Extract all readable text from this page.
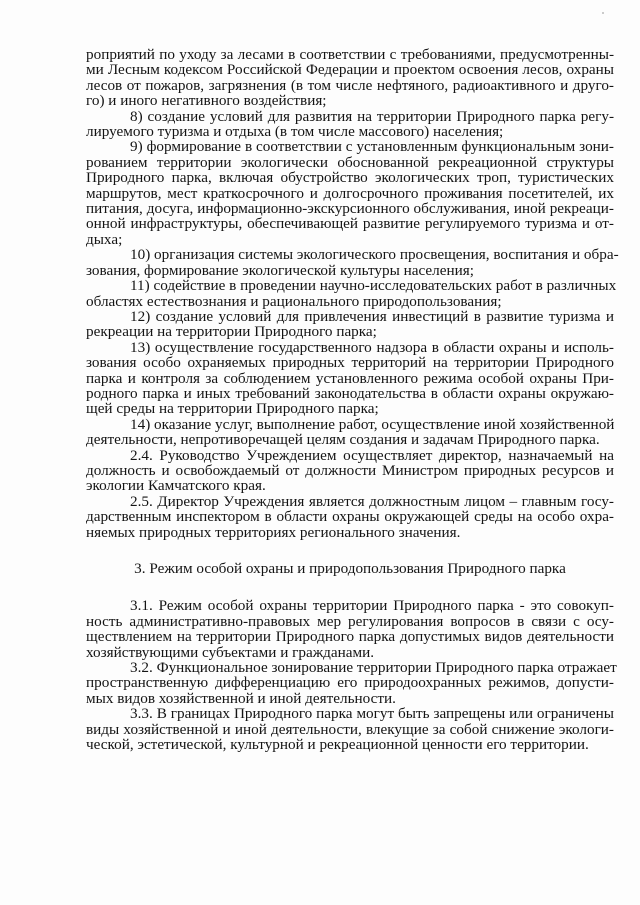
роприятий по уходу за лесами в соответствии с требованиями, предусмотренны-
ми Лесным кодексом Российской Федерации и проектом освоения лесов, охраны
лесов от пожаров, загрязнения (в том числе нефтяного, радиоактивного и друго-
го) и иного негативного воздействия;
8) создание условий для развития на территории Природного парка регу-
лируемого туризма и отдыха (в том числе массового) населения;
9) формирование в соответствии с установленным функциональным зони-
рованием территории экологически обоснованной рекреационной структуры
Природного парка, включая обустройство экологических троп, туристических
маршрутов, мест краткосрочного и долгосрочного проживания посетителей, их
питания, досуга, информационно-экскурсионного обслуживания, иной рекреаци-
онной инфраструктуры, обеспечивающей развитие регулируемого туризма и от-
дыха;
10) организация системы экологического просвещения, воспитания и обра-
зования, формирование экологической культуры населения;
11) содействие в проведении научно-исследовательских работ в различных
областях естествознания и рационального природопользования;
12) создание условий для привлечения инвестиций в развитие туризма и
рекреации на территории Природного парка;
13) осуществление государственного надзора в области охраны и исполь-
зования особо охраняемых природных территорий на территории Природного
парка и контроля за соблюдением установленного режима особой охраны При-
родного парка и иных требований законодательства в области охраны окружаю-
щей среды на территории Природного парка;
14) оказание услуг, выполнение работ, осуществление иной хозяйственной
деятельности, непротиворечащей целям создания и задачам Природного парка.
2.4. Руководство Учреждением осуществляет директор, назначаемый на
должность и освобождаемый от должности Министром природных ресурсов и
экологии Камчатского края.
2.5. Директор Учреждения является должностным лицом – главным госу-
дарственным инспектором в области охраны окружающей среды на особо охра-
няемых природных территориях регионального значения.
3. Режим особой охраны и природопользования Природного парка
3.1. Режим особой охраны территории Природного парка - это совокуп-
ность административно-правовых мер регулирования вопросов в связи с осу-
ществлением на территории Природного парка допустимых видов деятельности
хозяйствующими субъектами и гражданами.
3.2. Функциональное зонирование территории Природного парка отражает
пространственную дифференциацию его природоохранных режимов, допусти-
мых видов хозяйственной и иной деятельности.
3.3. В границах Природного парка могут быть запрещены или ограничены
виды хозяйственной и иной деятельности, влекущие за собой снижение экологи-
ческой, эстетической, культурной и рекреационной ценности его территории.
